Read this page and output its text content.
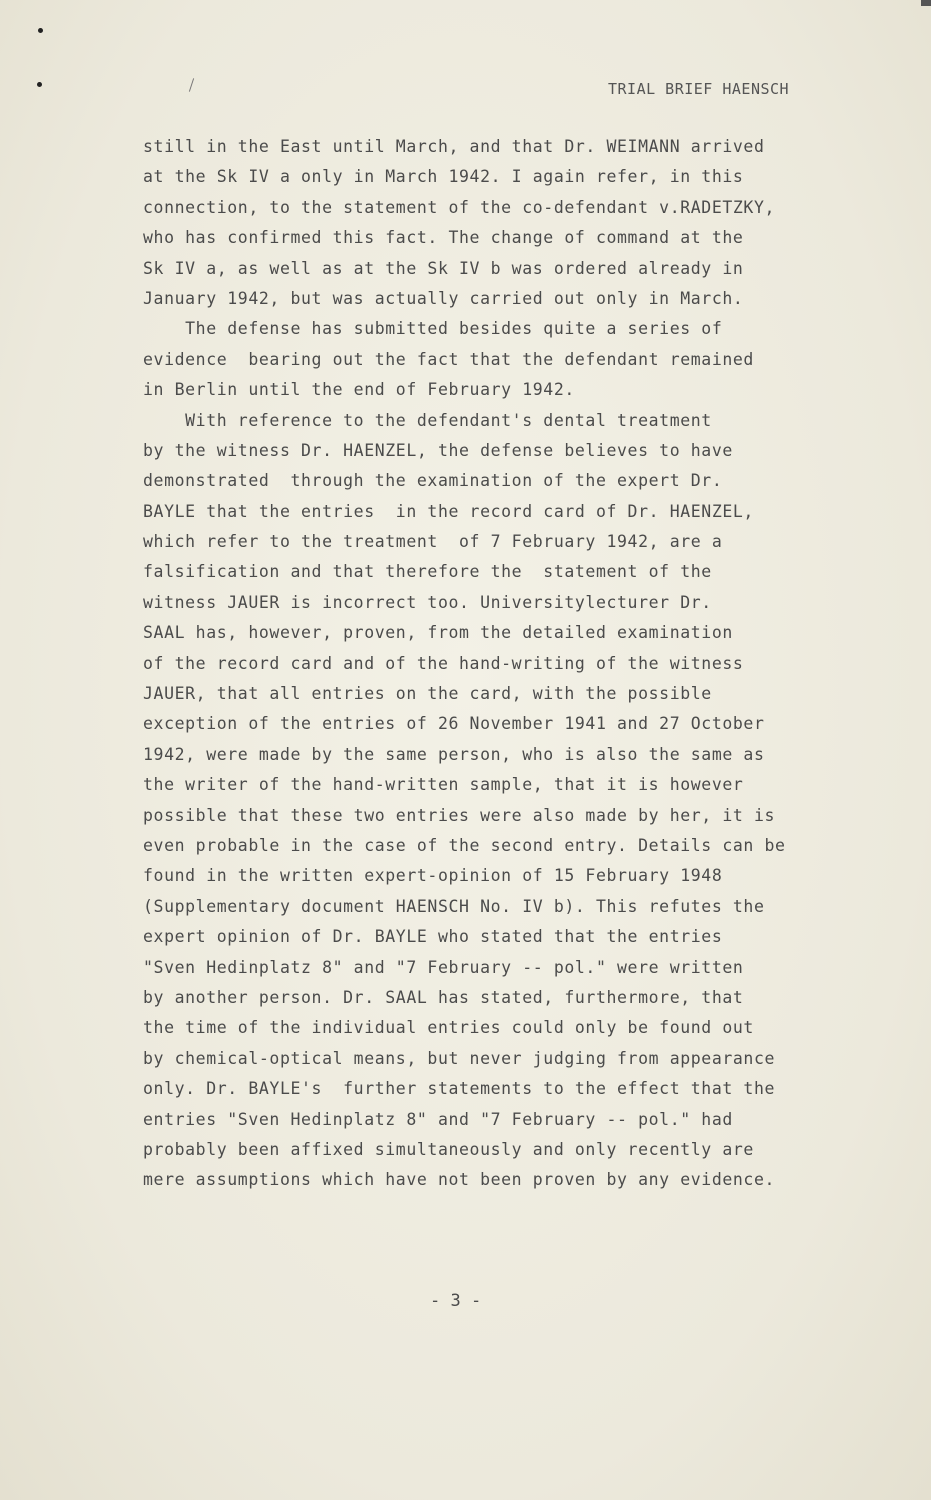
TRIAL BRIEF HAENSCH
still in the East until March, and that Dr. WEIMANN arrived
at the Sk IV a only in March 1942. I again refer, in this
connection, to the statement of the co-defendant v.RADETZKY,
who has confirmed this fact. The change of command at the
Sk IV a, as well as at the Sk IV b was ordered already in
January 1942, but was actually carried out only in March.
The defense has submitted besides quite a series of
evidence  bearing out the fact that the defendant remained
in Berlin until the end of February 1942.
With reference to the defendant's dental treatment
by the witness Dr. HAENZEL, the defense believes to have
demonstrated  through the examination of the expert Dr.
BAYLE that the entries  in the record card of Dr. HAENZEL,
which refer to the treatment  of 7 February 1942, are a
falsification and that therefore the  statement of the
witness JAUER is incorrect too. Universitylecturer Dr.
SAAL has, however, proven, from the detailed examination
of the record card and of the hand-writing of the witness
JAUER, that all entries on the card, with the possible
exception of the entries of 26 November 1941 and 27 October
1942, were made by the same person, who is also the same as
the writer of the hand-written sample, that it is however
possible that these two entries were also made by her, it is
even probable in the case of the second entry. Details can be
found in the written expert-opinion of 15 February 1948
(Supplementary document HAENSCH No. IV b). This refutes the
expert opinion of Dr. BAYLE who stated that the entries
"Sven Hedinplatz 8" and "7 February -- pol." were written
by another person. Dr. SAAL has stated, furthermore, that
the time of the individual entries could only be found out
by chemical-optical means, but never judging from appearance
only. Dr. BAYLE's  further statements to the effect that the
entries "Sven Hedinplatz 8" and "7 February -- pol." had
probably been affixed simultaneously and only recently are
mere assumptions which have not been proven by any evidence.
- 3 -
